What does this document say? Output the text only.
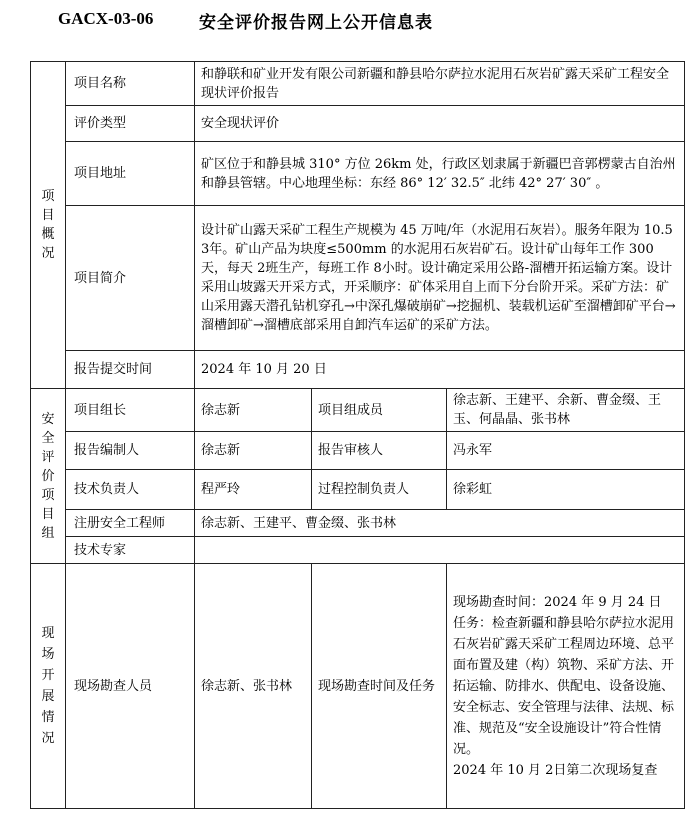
GACX-03-06	安全评价报告网上公开信息表
项目概况	项目名称	和静联和矿业开发有限公司新疆和静县哈尔萨拉水泥用石灰岩矿露天采矿工程安全现状评价报告		
	评价类型	安全现状评价		
	项目地址	矿区位于和静县城 310° 方位 26km 处，行政区划隶属于新疆巴音郭楞蒙古自治州和静县管辖。中心地理坐标：东经 86° 12′ 32.5″ 北纬 42° 27′ 30″ 。		
	项目简介	设计矿山露天采矿工程生产规模为 45 万吨/年（水泥用石灰岩）。服务年限为 10.53年。矿山产品为块度≤500mm 的水泥用石灰岩矿石。设计矿山每年工作 300天，每天 2班生产，每班工作 8小时。设计确定采用公路-溜槽开拓运输方案。设计采用山坡露天开采方式，开采顺序：矿体采用自上而下分台阶开采。采矿方法：矿山采用露天潜孔钻机穿孔→中深孔爆破崩矿→挖掘机、装载机运矿至溜槽卸矿平台→溜槽卸矿→溜槽底部采用自卸汽车运矿的采矿方法。		
	报告提交时间	2024 年 10 月 20 日		
安全评价项目组	项目组长	徐志新	项目组成员	徐志新、王建平、余新、曹金缀、王玉、何晶晶、张书林
	报告编制人	徐志新	报告审核人	冯永军
	技术负责人	程严玲	过程控制负责人	徐彩虹
	注册安全工程师	徐志新、王建平、曹金缀、张书林		
	技术专家			
现场开展情况	现场勘查人员	徐志新、张书林	现场勘查时间及任务	现场勘查时间：2024 年 9 月 24 日
任务：检查新疆和静县哈尔萨拉水泥用石灰岩矿露天采矿工程周边环境、总平面布置及建（构）筑物、采矿方法、开拓运输、防排水、供配电、设备设施、安全标志、安全管理与法律、法规、标准、规范及“安全设施设计”符合性情况。
2024 年 10 月 2日第二次现场复查
